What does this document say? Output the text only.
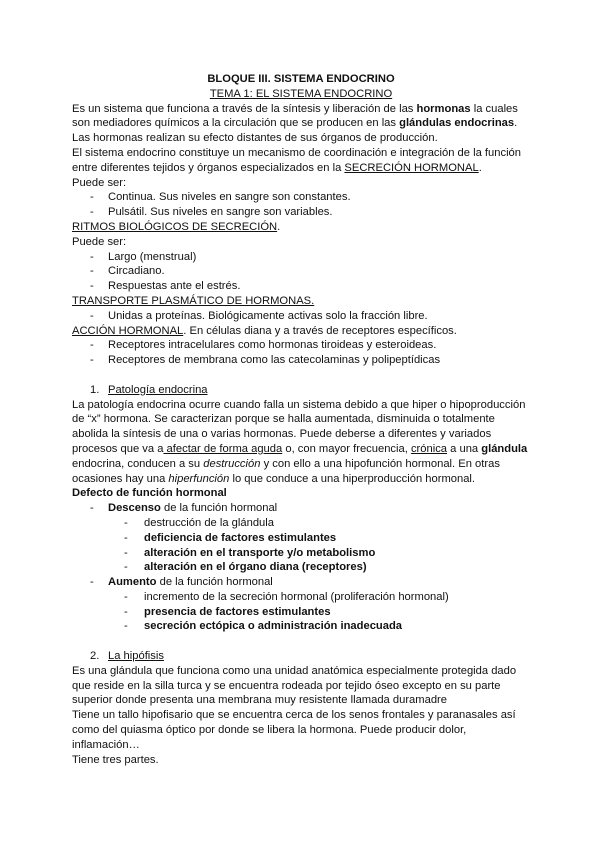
BLOQUE III. SISTEMA ENDOCRINO

TEMA 1: EL SISTEMA ENDOCRINO

Es un sistema que funciona a través de la síntesis y liberación de las hormonas la cuales son mediadores químicos a la circulación que se producen en las glándulas endocrinas.

Las hormonas realizan su efecto distantes de sus órganos de producción.

El sistema endocrino constituye un mecanismo de coordinación e integración de la función entre diferentes tejidos y órganos especializados en la SECRECIÓN HORMONAL.

Puede ser:

- Continua. Sus niveles en sangre son constantes.
- Pulsátil. Sus niveles en sangre son variables.

RITMOS BIOLÓGICOS DE SECRECIÓN.

Puede ser:

- Largo (menstrual)
- Circadiano.
- Respuestas ante el estrés.

TRANSPORTE PLASMÁTICO DE HORMONAS.

- Unidas a proteínas. Biológicamente activas solo la fracción libre.

ACCIÓN HORMONAL. En células diana y a través de receptores específicos.

- Receptores intracelulares como hormonas tiroideas y esteroideas.
- Receptores de membrana como las catecolaminas y polipeptídicas

1. Patología endocrina

La patología endocrina ocurre cuando falla un sistema debido a que hiper o hipoproducción de “x” hormona. Se caracterizan porque se halla aumentada, disminuida o totalmente abolida la síntesis de una o varias hormonas. Puede deberse a diferentes y variados procesos que va a afectar de forma aguda o, con mayor frecuencia, crónica a una glándula endocrina, conducen a su destrucción y con ello a una hipofunción hormonal. En otras ocasiones hay una hiperfunción lo que conduce a una hiperproducción hormonal.

Defecto de función hormonal

- Descenso de la función hormonal
- destrucción de la glándula
- deficiencia de factores estimulantes
- alteración en el transporte y/o metabolismo
- alteración en el órgano diana (receptores)
- Aumento de la función hormonal
- incremento de la secreción hormonal (proliferación hormonal)
- presencia de factores estimulantes
- secreción ectópica o administración inadecuada

2. La hipófisis

Es una glándula que funciona como una unidad anatómica especialmente protegida dado que reside en la silla turca y se encuentra rodeada por tejido óseo excepto en su parte superior donde presenta una membrana muy resistente llamada duramadre

Tiene un tallo hipofisario que se encuentra cerca de los senos frontales y paranasales así como del quiasma óptico por donde se libera la hormona. Puede producir dolor, inflamación…

Tiene tres partes.
